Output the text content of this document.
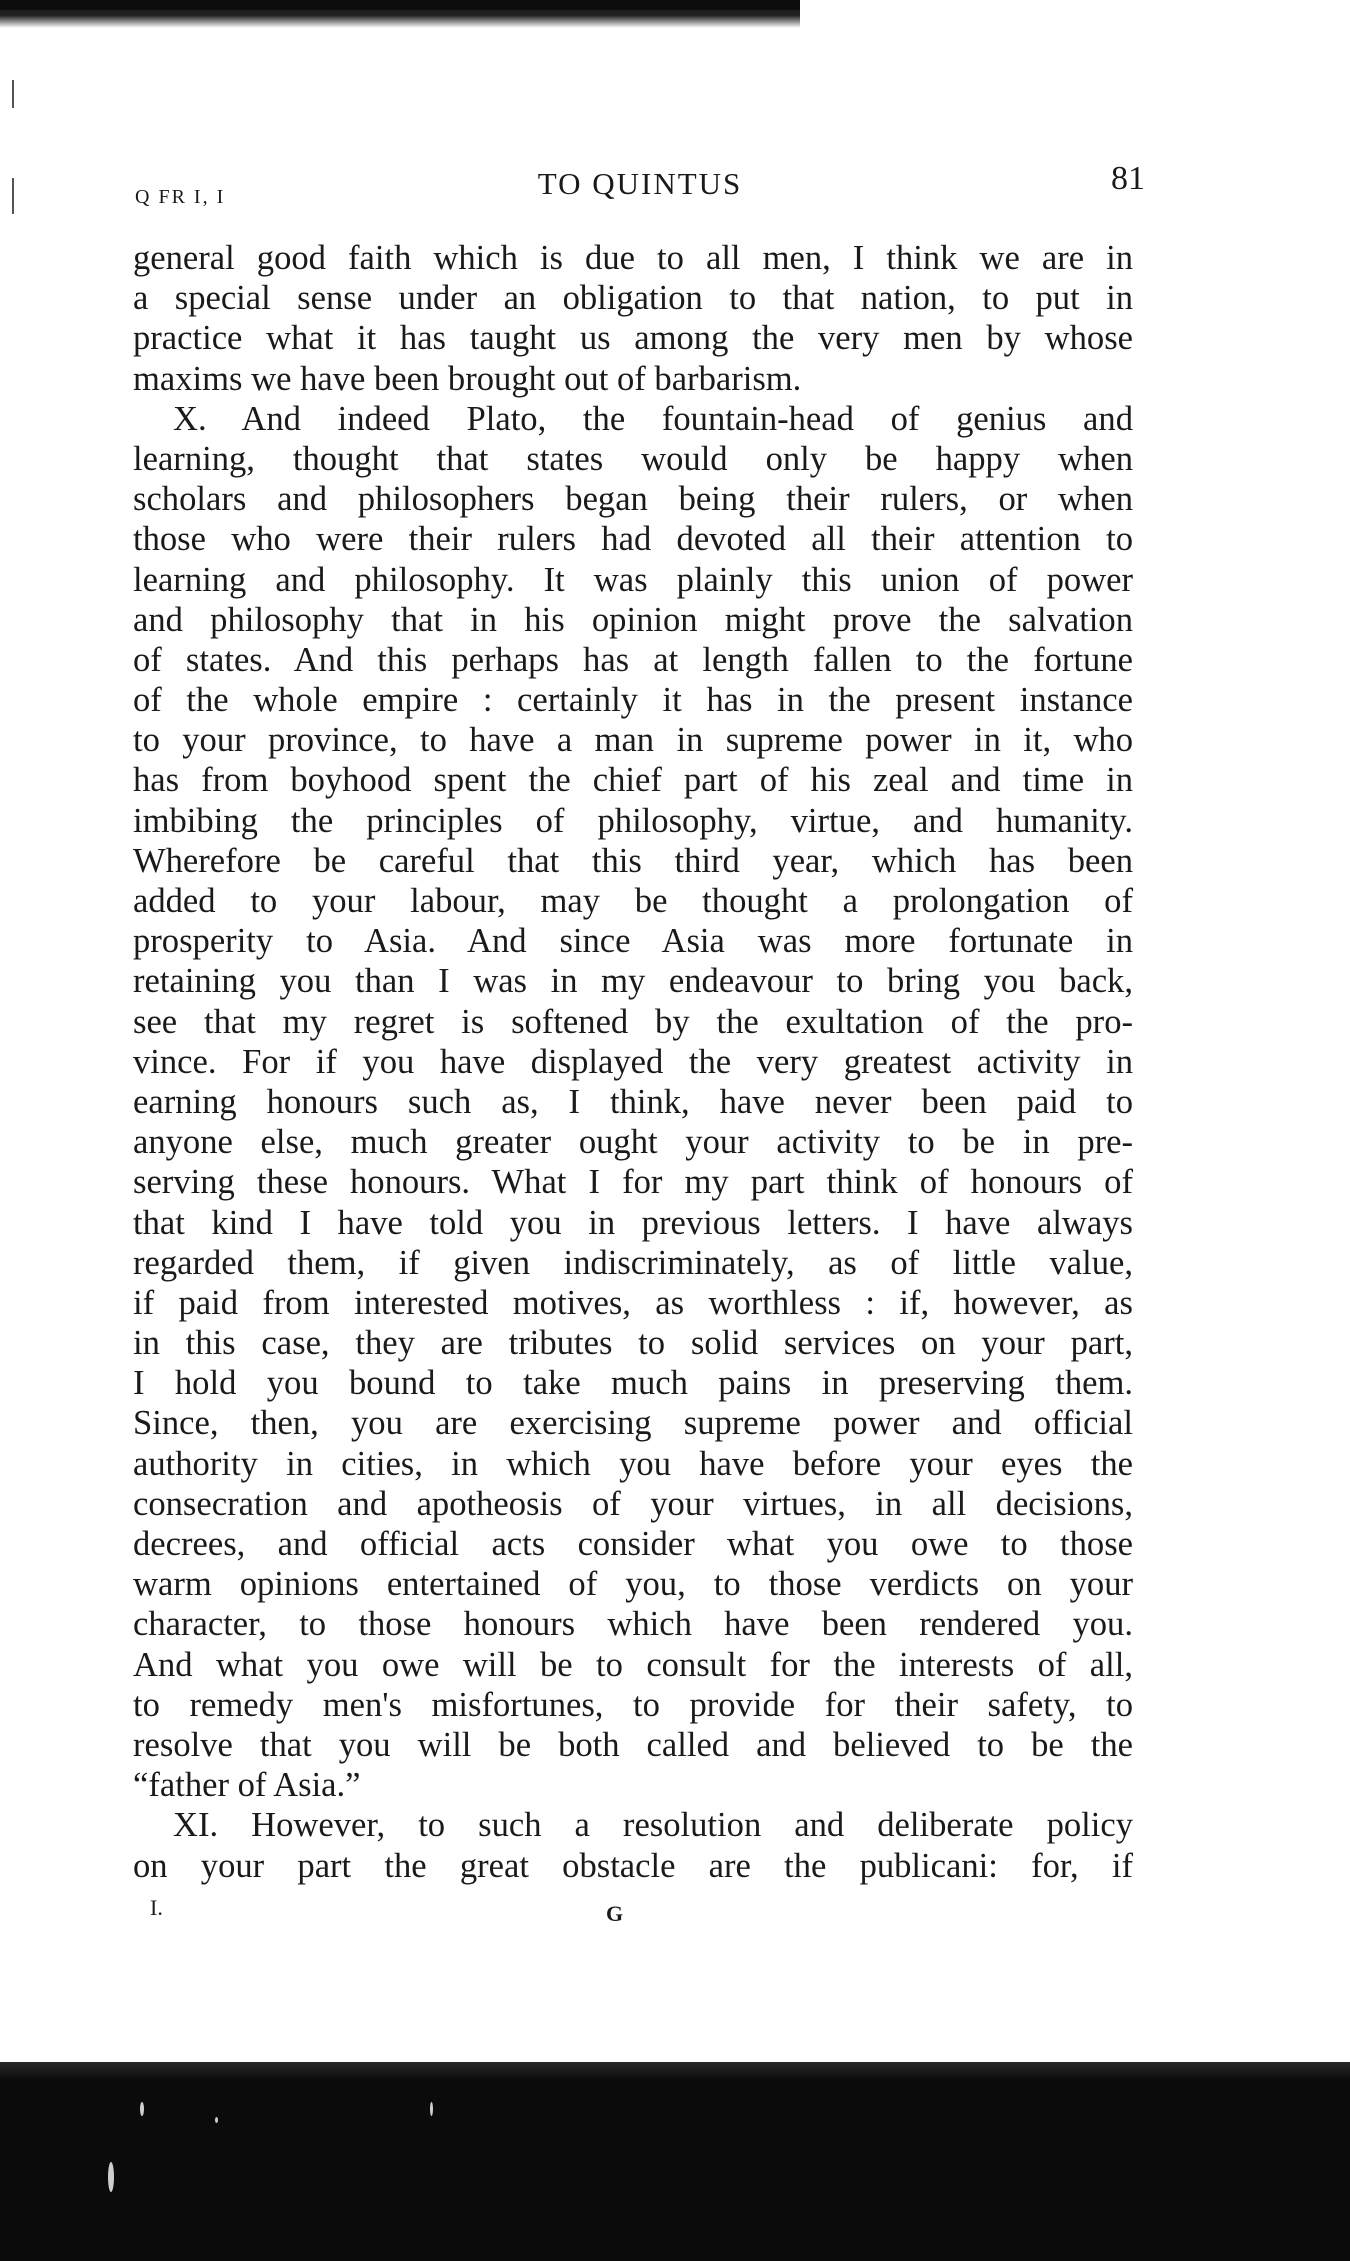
Q FR I, I	TO QUINTUS	81
general good faith which is due to all men, I think we are in
a special sense under an obligation to that nation, to put in
practice what it has taught us among the very men by whose
maxims we have been brought out of barbarism.
X. And indeed Plato, the fountain-head of genius and
learning, thought that states would only be happy when
scholars and philosophers began being their rulers, or when
those who were their rulers had devoted all their attention to
learning and philosophy. It was plainly this union of power
and philosophy that in his opinion might prove the salvation
of states. And this perhaps has at length fallen to the fortune
of the whole empire : certainly it has in the present instance
to your province, to have a man in supreme power in it, who
has from boyhood spent the chief part of his zeal and time in
imbibing the principles of philosophy, virtue, and humanity.
Wherefore be careful that this third year, which has been
added to your labour, may be thought a prolongation of
prosperity to Asia. And since Asia was more fortunate in
retaining you than I was in my endeavour to bring you back,
see that my regret is softened by the exultation of the pro-
vince. For if you have displayed the very greatest activity in
earning honours such as, I think, have never been paid to
anyone else, much greater ought your activity to be in pre-
serving these honours. What I for my part think of honours of
that kind I have told you in previous letters. I have always
regarded them, if given indiscriminately, as of little value,
if paid from interested motives, as worthless : if, however, as
in this case, they are tributes to solid services on your part,
I hold you bound to take much pains in preserving them.
Since, then, you are exercising supreme power and official
authority in cities, in which you have before your eyes the
consecration and apotheosis of your virtues, in all decisions,
decrees, and official acts consider what you owe to those
warm opinions entertained of you, to those verdicts on your
character, to those honours which have been rendered you.
And what you owe will be to consult for the interests of all,
to remedy men's misfortunes, to provide for their safety, to
resolve that you will be both called and believed to be the
“father of Asia.”
XI. However, to such a resolution and deliberate policy
on your part the great obstacle are the publicani: for, if
I.	G
